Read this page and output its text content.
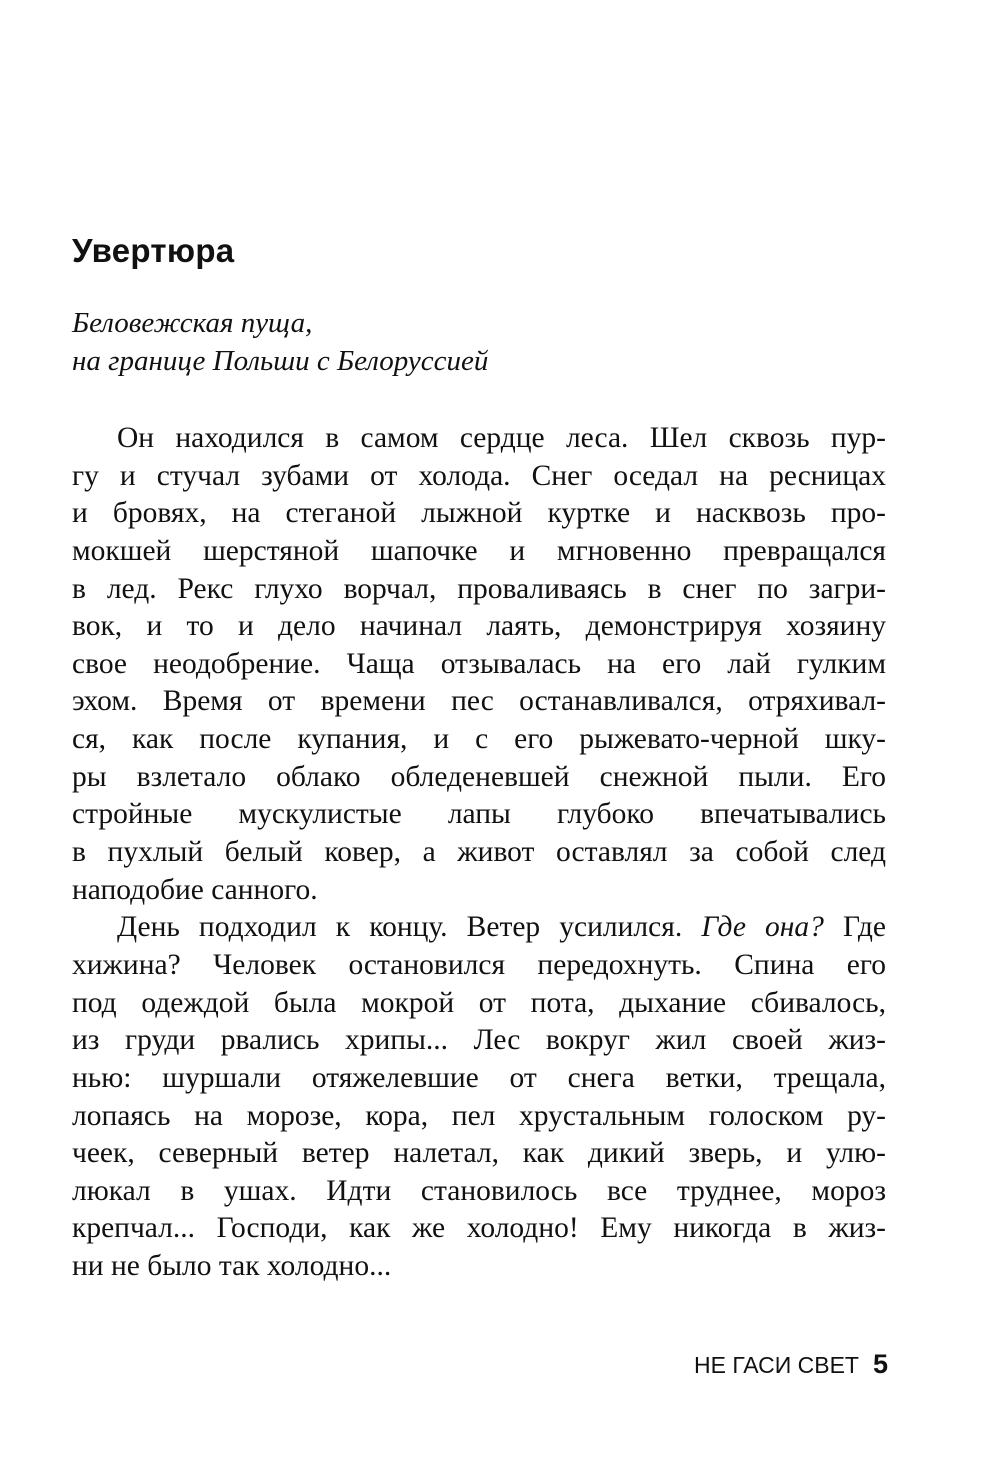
Увертюра
Беловежская пуща,
на границе Польши с Белоруссией
Он находился в самом сердце леса. Шел сквозь пур-
гу и стучал зубами от холода. Снег оседал на ресницах
и бровях, на стеганой лыжной куртке и насквозь про-
мокшей шерстяной шапочке и мгновенно превращался
в лед. Рекс глухо ворчал, проваливаясь в снег по загри-
вок, и то и дело начинал лаять, демонстрируя хозяину
свое неодобрение. Чаща отзывалась на его лай гулким
эхом. Время от времени пес останавливался, отряхивал-
ся, как после купания, и с его рыжевато-черной шку-
ры взлетало облако обледеневшей снежной пыли. Его
стройные мускулистые лапы глубоко впечатывались
в пухлый белый ковер, а живот оставлял за собой след
наподобие санного.
День подходил к концу. Ветер усилился. Где она? Где
хижина? Человек остановился передохнуть. Спина его
под одеждой была мокрой от пота, дыхание сбивалось,
из груди рвались хрипы... Лес вокруг жил своей жиз-
нью: шуршали отяжелевшие от снега ветки, трещала,
лопаясь на морозе, кора, пел хрустальным голоском ру-
чеек, северный ветер налетал, как дикий зверь, и улю-
люкал в ушах. Идти становилось все труднее, мороз
крепчал... Господи, как же холодно! Ему никогда в жиз-
ни не было так холодно...
НЕ ГАСИ СВЕТ 5
